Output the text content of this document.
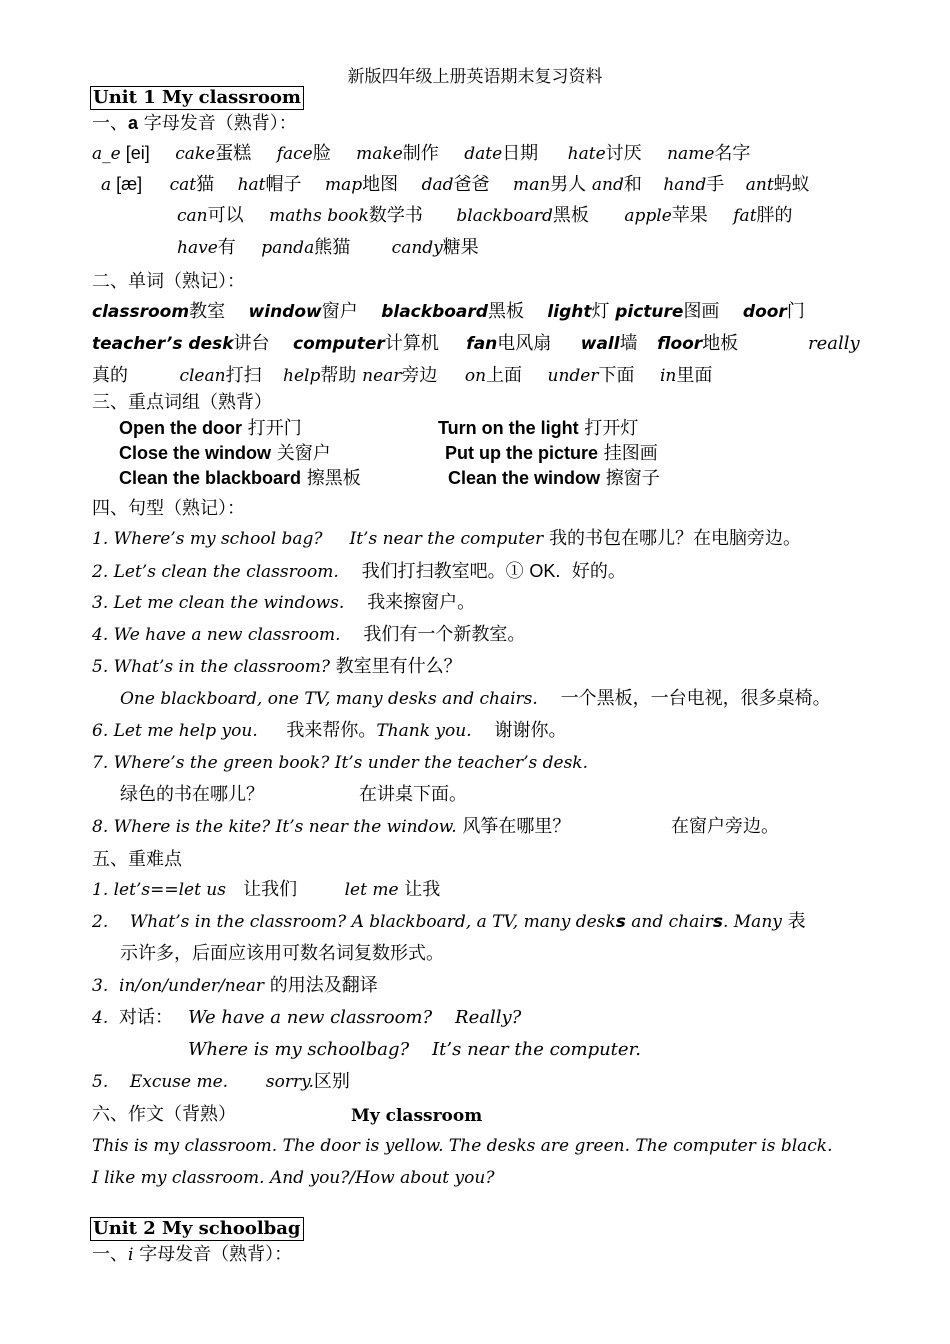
新版四年级上册英语期末复习资料
Unit 1 My classroom
一、a 字母发音（熟背）：
a_e [ei] cake蛋糕 face脸 make制作 date日期 hate讨厌 name名字
a [æ] cat猫 hat帽子 map地图 dad爸爸 man男人 and和 hand手 ant蚂蚁
can可以 maths book数学书 blackboard黑板 apple苹果 fat胖的
have有 panda熊猫 candy糖果
二、单词（熟记）：
classroom教室 window窗户 blackboard黑板 light灯 picture图画 door门
teacher’s desk讲台 computer计算机 fan电风扇 wall墙 floor地板	really
真的	clean打扫 help帮助 near旁边 on上面 under下面 in里面
三、重点词组（熟背）
Open the door 打开门	Turn on the light 打开灯
Close the window 关窗户	Put up the picture 挂图画
Clean the blackboard 擦黑板	Clean the window 擦窗子
四、句型（熟记）：
1. Where’s my school bag?     It’s near the computer 我的书包在哪儿？在电脑旁边。
2. Let’s clean the classroom.    我们打扫教室吧。① OK.  好的。
3. Let me clean the windows.    我来擦窗户。
4. We have a new classroom.    我们有一个新教室。
5. What’s in the classroom? 教室里有什么？
One blackboard, one TV, many desks and chairs.    一个黑板，一台电视，很多桌椅。
6. Let me help you.     我来帮你。Thank you.    谢谢你。
7. Where’s the green book? It’s under the teacher’s desk.
绿色的书在哪儿？	在讲桌下面。
8. Where is the kite? It’s near the window. 风筝在哪里？	在窗户旁边。
五、重难点
1. let’s==let us   让我们	let me 让我
2.    What’s in the classroom? A blackboard, a TV, many desks and chairs. Many 表
示许多，后面应该用可数名词复数形式。
3.  in/on/under/near 的用法及翻译
4.  对话： We have a new classroom?    Really?
Where is my schoolbag?    It’s near the computer.
5.    Excuse me.       sorry.区别
六、作文（背熟）	My classroom
This is my classroom. The door is yellow. The desks are green. The computer is black.
I like my classroom. And you?/How about you?
Unit 2 My schoolbag
一、i 字母发音（熟背）：
